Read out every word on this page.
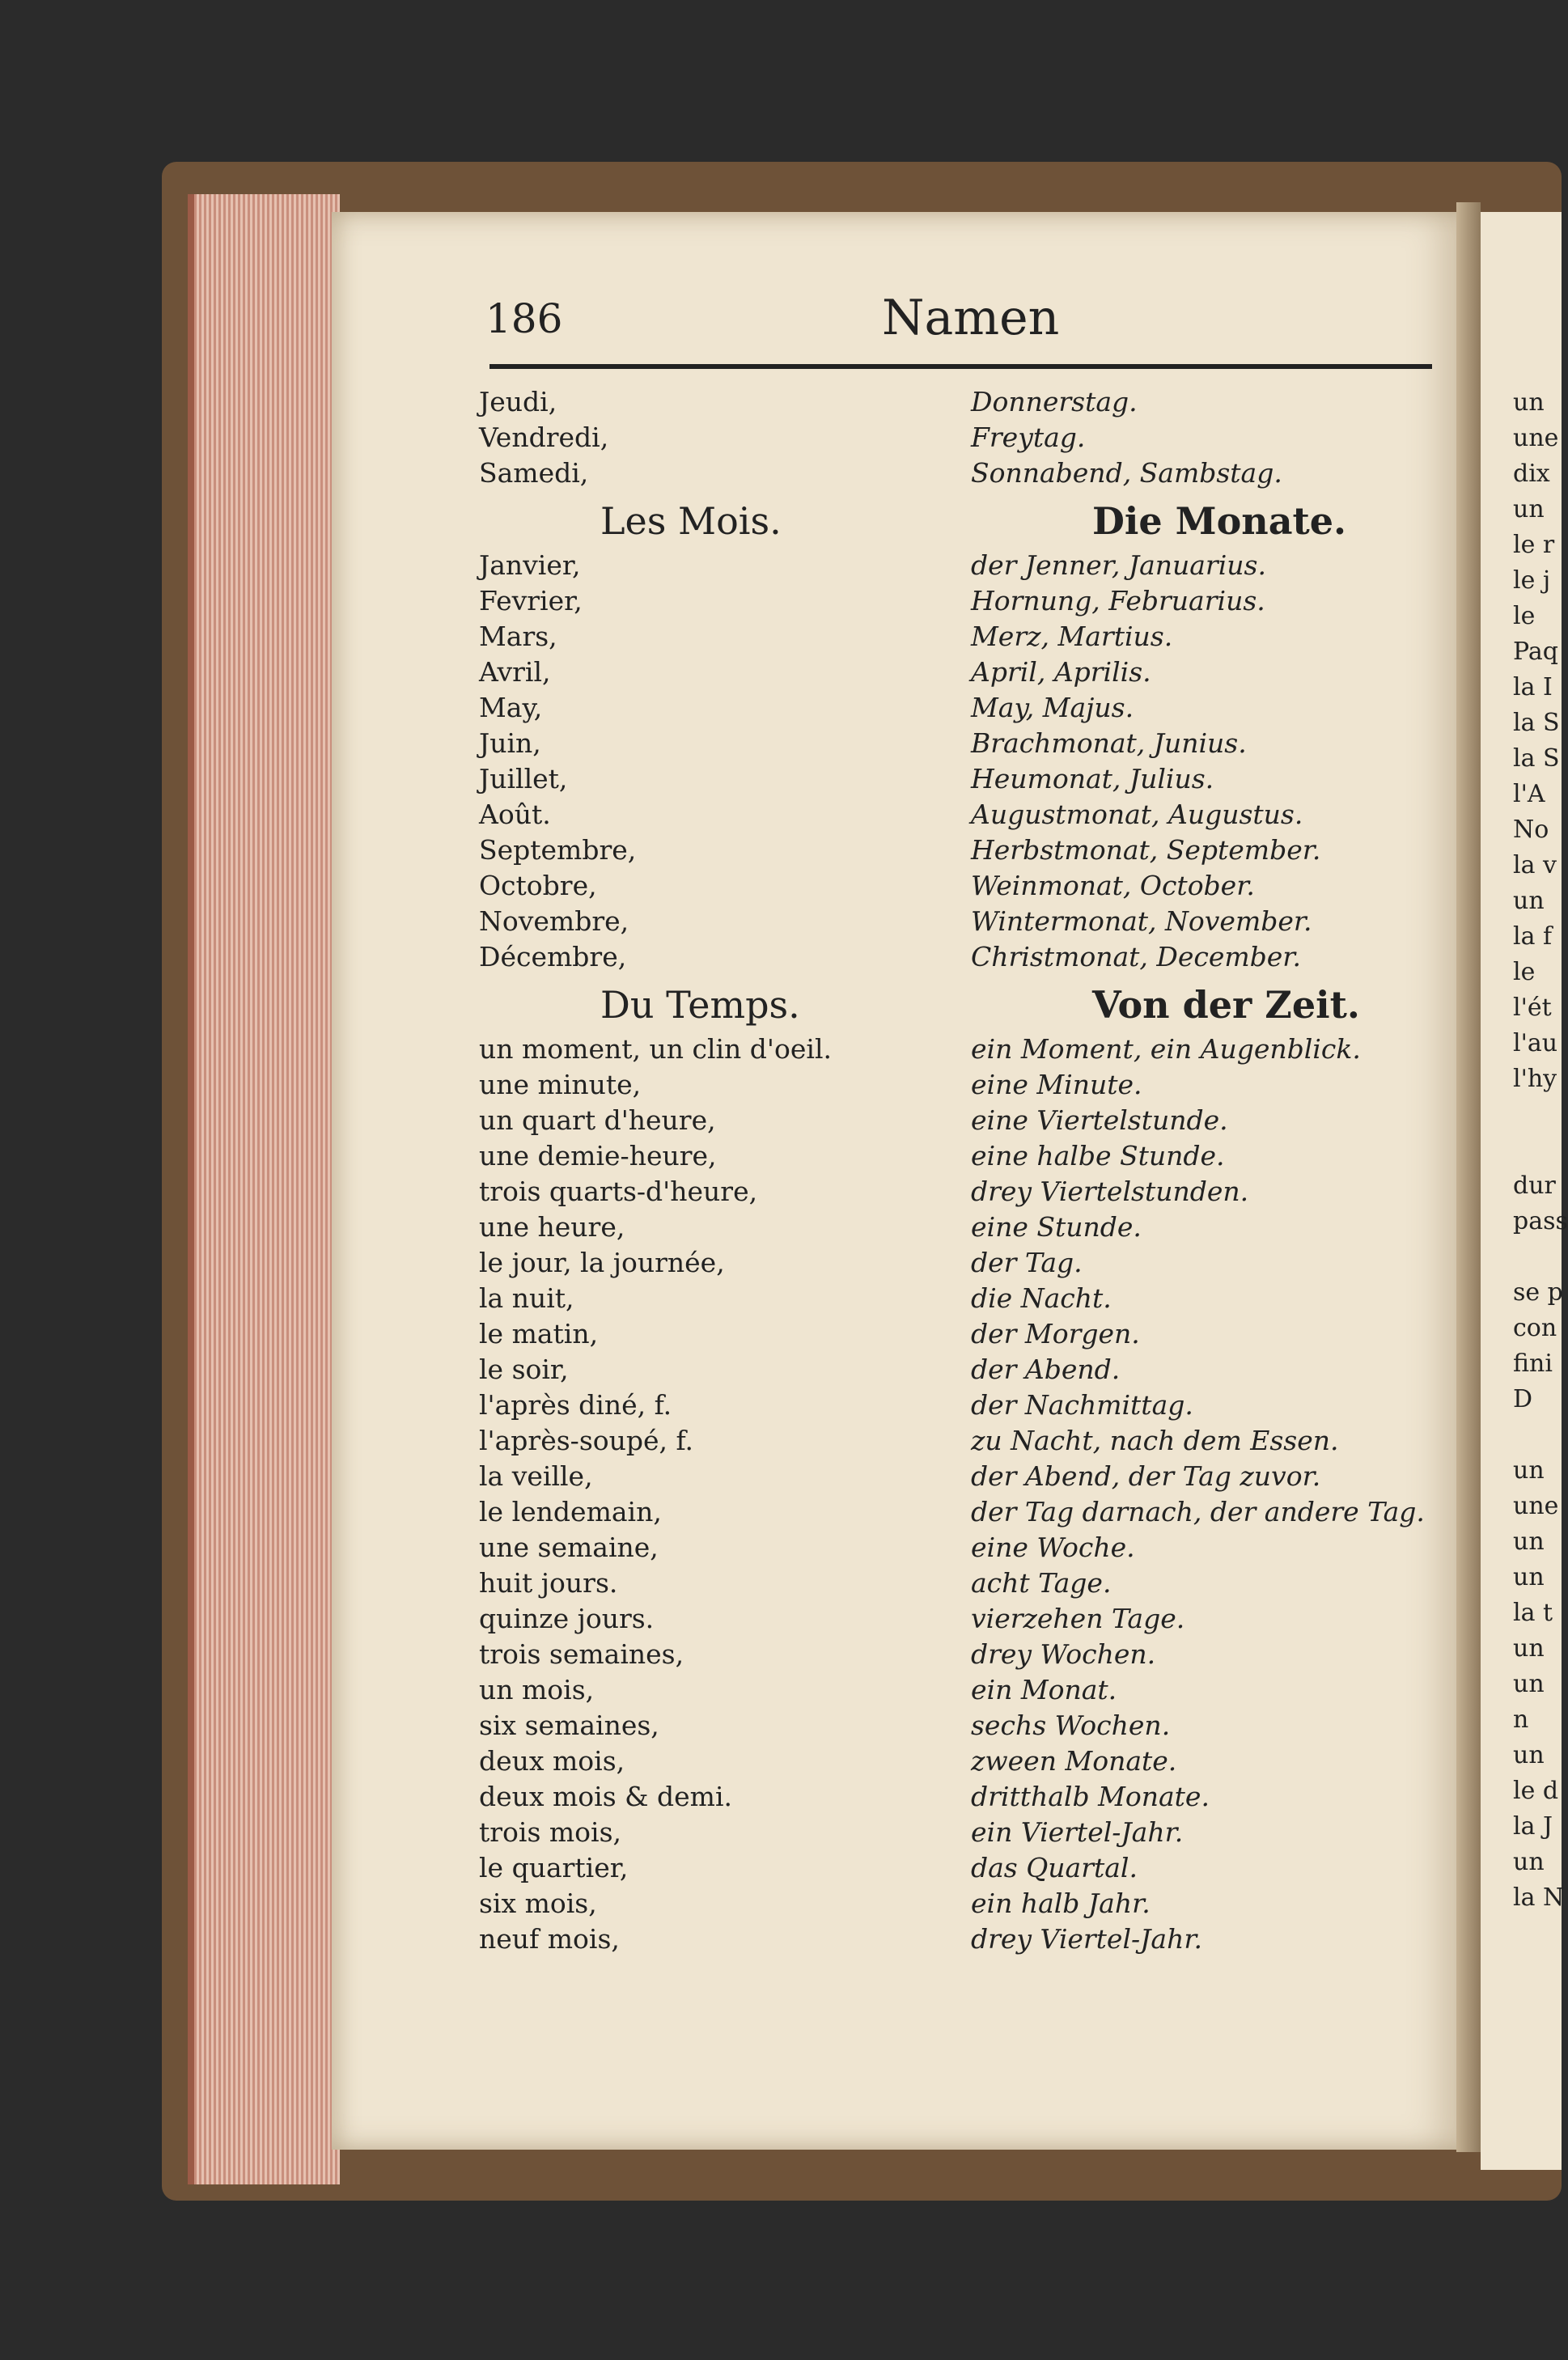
186	Namen
Jeudi,
Vendredi,
Samedi,
Les Mois.
Janvier,
Fevrier,
Mars,
Avril,
May,
Juin,
Juillet,
Août.
Septembre,
Octobre,
Novembre,
Décembre,
Du Temps.
un moment, un clin d'oeil.
une minute,
un quart d'heure,
une demie-heure,
trois quarts-d'heure,
une heure,
le jour, la journée,
la nuit,
le matin,
le soir,
l'après diné, f.
l'après-soupé, f.
la veille,
le lendemain,
une semaine,
huit jours.
quinze jours.
trois semaines,
un mois,
six semaines,
deux mois,
deux mois & demi.
trois mois,
le quartier,
six mois,
neuf mois,
Donnerstag.
Freytag.
Sonnabend, Sambstag.
Die Monate.
der Jenner, Januarius.
Hornung, Februarius.
Merz, Martius.
April, Aprilis.
May, Majus.
Brachmonat, Junius.
Heumonat, Julius.
Augustmonat, Augustus.
Herbstmonat, September.
Weinmonat, October.
Wintermonat, November.
Christmonat, December.
Von der Zeit.
ein Moment, ein Augenblick.
eine Minute.
eine Viertelstunde.
eine halbe Stunde.
drey Viertelstunden.
eine Stunde.
der Tag.
die Nacht.
der Morgen.
der Abend.
der Nachmittag.
zu Nacht, nach dem Essen.
der Abend, der Tag zuvor.
der Tag darnach, der andere Tag.
eine Woche.
acht Tage.
vierzehen Tage.
drey Wochen.
ein Monat.
sechs Wochen.
zween Monate.
dritthalb Monate.
ein Viertel-Jahr.
das Quartal.
ein halb Jahr.
drey Viertel-Jahr.
un
une
dix
un
le r
le j
le
Paq
la I
la S
la S
l'A
No
la v
un
la f
le
l'ét
l'au
l'hy
dur
pass
se p
con
fini
D
un
une
un
un
la t
un
un
n
un
le d
la J
un
la N
